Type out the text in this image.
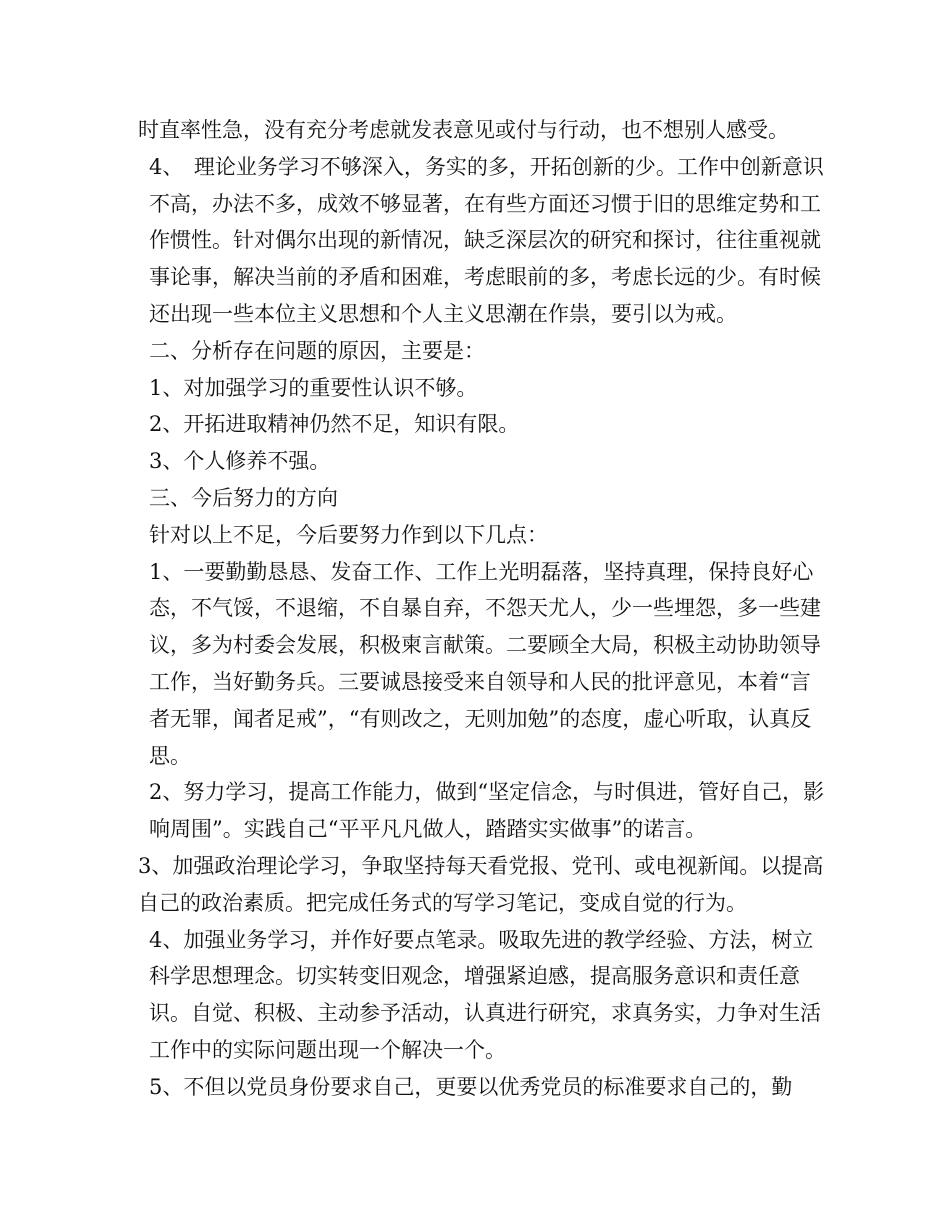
时直率性急，没有充分考虑就发表意见或付与行动，也不想别人感受。

4、　理论业务学习不够深入，务实的多，开拓创新的少。工作中创新意识不高，办法不多，成效不够显著，在有些方面还习惯于旧的思维定势和工作惯性。针对偶尔出现的新情况，缺乏深层次的研究和探讨，往往重视就事论事，解决当前的矛盾和困难，考虑眼前的多，考虑长远的少。有时候还出现一些本位主义思想和个人主义思潮在作祟，要引以为戒。

二、分析存在问题的原因，主要是：

1、对加强学习的重要性认识不够。

2、开拓进取精神仍然不足，知识有限。

3、个人修养不强。

三、今后努力的方向

针对以上不足，今后要努力作到以下几点：

1、一要勤勤恳恳、发奋工作、工作上光明磊落，坚持真理，保持良好心态，不气馁，不退缩，不自暴自弃，不怨天尤人，少一些埋怨，多一些建议，多为村委会发展，积极柬言献策。二要顾全大局，积极主动协助领导工作，当好勤务兵。三要诚恳接受来自领导和人民的批评意见，本着“言者无罪，闻者足戒”，“有则改之，无则加勉”的态度，虚心听取，认真反思。

2、努力学习，提高工作能力，做到“坚定信念，与时俱进，管好自己，影响周围”。实践自己“平平凡凡做人，踏踏实实做事”的诺言。

3、加强政治理论学习，争取坚持每天看党报、党刊、或电视新闻。以提高自己的政治素质。把完成任务式的写学习笔记，变成自觉的行为。

4、加强业务学习，并作好要点笔录。吸取先进的教学经验、方法，树立科学思想理念。切实转变旧观念，增强紧迫感，提高服务意识和责任意识。自觉、积极、主动参予活动，认真进行研究，求真务实，力争对生活工作中的实际问题出现一个解决一个。

5、不但以党员身份要求自己，更要以优秀党员的标准要求自己的，勤
